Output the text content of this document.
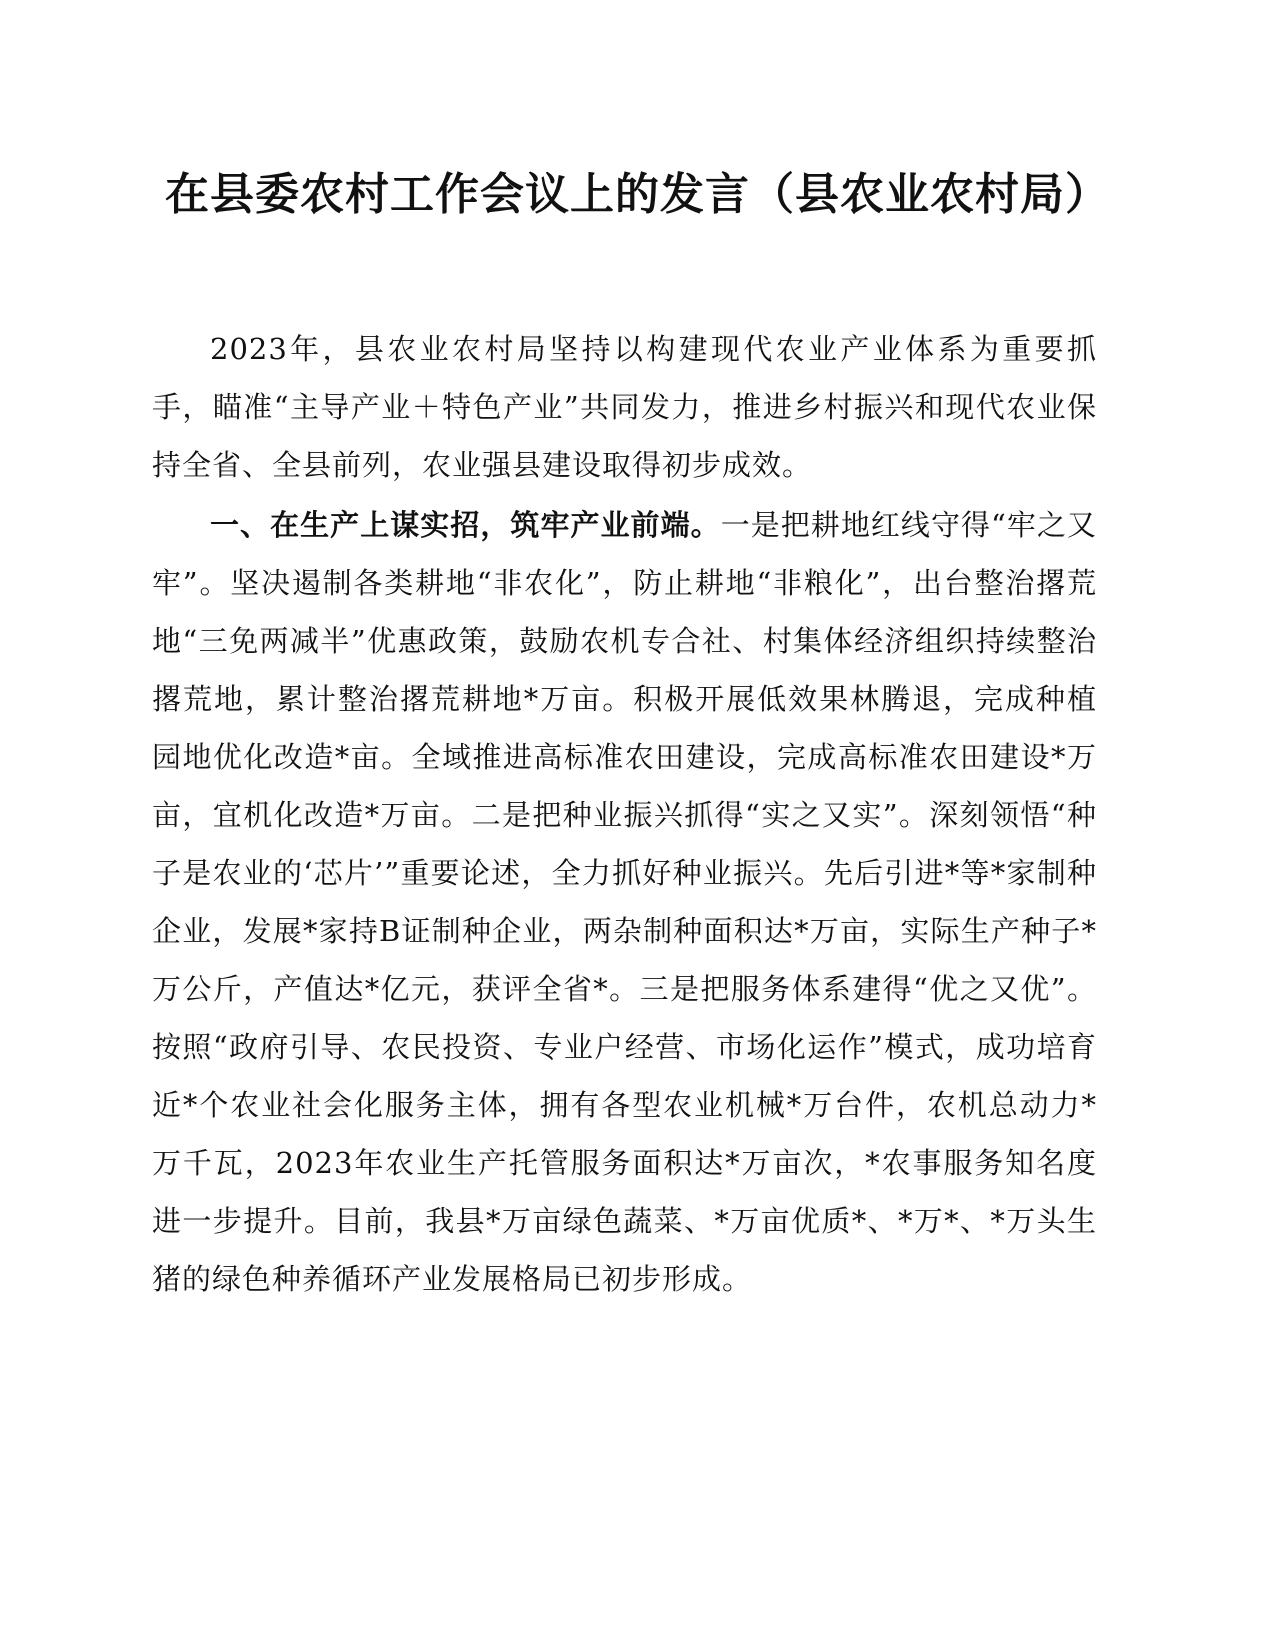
在县委农村工作会议上的发言（县农业农村局）

2023年，县农业农村局坚持以构建现代农业产业体系为重要抓手，瞄准“主导产业＋特色产业”共同发力，推进乡村振兴和现代农业保持全省、全县前列，农业强县建设取得初步成效。

一、在生产上谋实招，筑牢产业前端。一是把耕地红线守得“牢之又牢”。坚决遏制各类耕地“非农化”，防止耕地“非粮化”，出台整治撂荒地“三免两减半”优惠政策，鼓励农机专合社、村集体经济组织持续整治撂荒地，累计整治撂荒耕地*万亩。积极开展低效果林腾退，完成种植园地优化改造*亩。全域推进高标准农田建设，完成高标准农田建设*万亩，宜机化改造*万亩。二是把种业振兴抓得“实之又实”。深刻领悟“种子是农业的‘芯片’”重要论述，全力抓好种业振兴。先后引进*等*家制种企业，发展*家持B证制种企业，两杂制种面积达*万亩，实际生产种子*万公斤，产值达*亿元，获评全省*。三是把服务体系建得“优之又优”。按照“政府引导、农民投资、专业户经营、市场化运作”模式，成功培育近*个农业社会化服务主体，拥有各型农业机械*万台件，农机总动力*万千瓦，2023年农业生产托管服务面积达*万亩次，*农事服务知名度进一步提升。目前，我县*万亩绿色蔬菜、*万亩优质*、*万*、*万头生猪的绿色种养循环产业发展格局已初步形成。
